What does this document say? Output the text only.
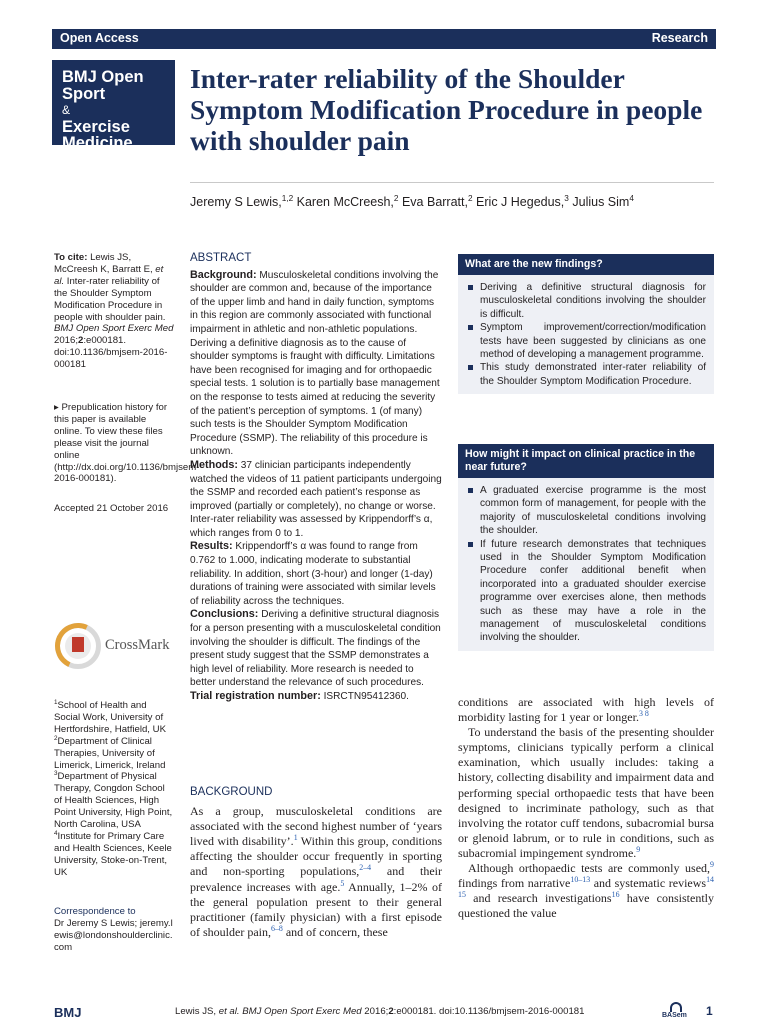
Open Access	Research
BMJ Open
Sport
&
Exercise
Medicine
Inter-rater reliability of the Shoulder Symptom Modification Procedure in people with shoulder pain
Jeremy S Lewis,$^{1,2}$ Karen McCreesh,$^2$ Eva Barratt,$^2$ Eric J Hegedus,$^3$ Julius Sim$^4$
To cite: Lewis JS, McCreesh K, Barratt E, et al. Inter-rater reliability of the Shoulder Symptom Modification Procedure in people with shoulder pain. BMJ Open Sport Exerc Med 2016;2:e000181. doi:10.1136/bmjsem-2016-000181
▸ Prepublication history for this paper is available online. To view these files please visit the journal online (http://dx.doi.org/10.1136/bmjsem-2016-000181).
Accepted 21 October 2016
CrossMark
$^1$School of Health and Social Work, University of Hertfordshire, Hatfield, UK
$^2$Department of Clinical Therapies, University of Limerick, Limerick, Ireland
$^3$Department of Physical Therapy, Congdon School of Health Sciences, High Point University, High Point, North Carolina, USA
$^4$Institute for Primary Care and Health Sciences, Keele University, Stoke-on-Trent, UK
Correspondence to
Dr Jeremy S Lewis; jeremy.lewis@londonshoulderclinic.com
ABSTRACT
Background: Musculoskeletal conditions involving the shoulder are common and, because of the importance of the upper limb and hand in daily function, symptoms in this region are commonly associated with functional impairment in athletic and non-athletic populations. Deriving a definitive diagnosis as to the cause of shoulder symptoms is fraught with difficulty. Limitations have been recognised for imaging and for orthopaedic special tests. 1 solution is to partially base management on the response to tests aimed at reducing the severity of the patient’s perception of symptoms. 1 (of many) such tests is the Shoulder Symptom Modification Procedure (SSMP). The reliability of this procedure is unknown.
Methods: 37 clinician participants independently watched the videos of 11 patient participants undergoing the SSMP and recorded each patient’s response as improved (partially or completely), no change or worse. Inter-rater reliability was assessed by Krippendorff’s α, which ranges from 0 to 1.
Results: Krippendorff’s α was found to range from 0.762 to 1.000, indicating moderate to substantial reliability. In addition, short (3-hour) and longer (1-day) durations of training were associated with similar levels of reliability across the techniques.
Conclusions: Deriving a definitive structural diagnosis for a person presenting with a musculoskeletal condition involving the shoulder is difficult. The findings of the present study suggest that the SSMP demonstrates a high level of reliability. More research is needed to better understand the relevance of such procedures.
Trial registration number: ISRCTN95412360.
What are the new findings?
Deriving a definitive structural diagnosis for musculoskeletal conditions involving the shoulder is difficult.
Symptom improvement/correction/modification tests have been suggested by clinicians as one method of developing a management programme.
This study demonstrated inter-rater reliability of the Shoulder Symptom Modification Procedure.
How might it impact on clinical practice in the near future?
A graduated exercise programme is the most common form of management, for people with the majority of musculoskeletal conditions involving the shoulder.
If future research demonstrates that techniques used in the Shoulder Symptom Modification Procedure confer additional benefit when incorporated into a graduated shoulder exercise programme over exercises alone, then methods such as these may have a role in the management of musculoskeletal conditions involving the shoulder.
BACKGROUND

As a group, musculoskeletal conditions are associated with the second highest number of ‘years lived with disability’.$^1$ Within this group, conditions affecting the shoulder occur frequently in sporting and non-sporting populations,$^{2-4}$ and their prevalence increases with age.$^5$ Annually, 1–2% of the general population present to their general practitioner (family physician) with a first episode of shoulder pain,$^{6-8}$ and of concern, these

conditions are associated with high levels of morbidity lasting for 1 year or longer.$^{3 8}$

To understand the basis of the presenting shoulder symptoms, clinicians typically perform a clinical examination, which usually includes: taking a history, collecting disability and impairment data and performing special orthopaedic tests that have been designed to incriminate pathology, such as that involving the rotator cuff tendons, subacromial bursa or glenoid labrum, or to rule in conditions, such as subacromial impingement syndrome.$^9$

Although orthopaedic tests are commonly used,$^9$ findings from narrative$^{10-13}$ and systematic reviews$^{14 15}$ and research investigations$^{16}$ have consistently questioned the value

BMJ	Lewis JS, et al. BMJ Open Sport Exerc Med 2016;2:e000181. doi:10.1136/bmjsem-2016-000181	BASem 1
